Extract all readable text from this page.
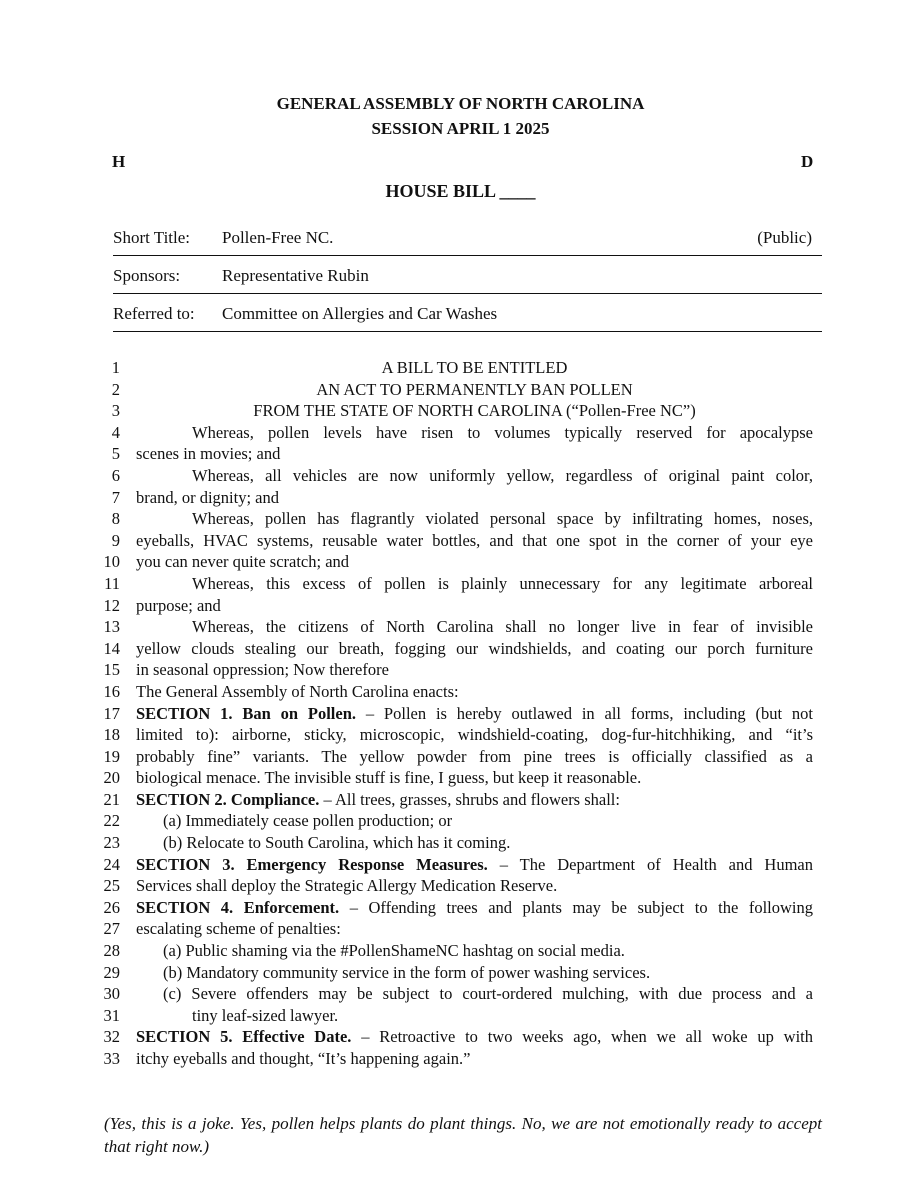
GENERAL ASSEMBLY OF NORTH CAROLINA
SESSION APRIL 1 2025
H	D
HOUSE BILL ____
Short Title: Pollen-Free NC.	(Public)
Sponsors: Representative Rubin
Referred to: Committee on Allergies and Car Washes
1	A BILL TO BE ENTITLED
2	AN ACT TO PERMANENTLY BAN POLLEN
3	FROM THE STATE OF NORTH CAROLINA (“Pollen-Free NC”)
4	Whereas, pollen levels have risen to volumes typically reserved for apocalypse
5 scenes in movies; and
6	Whereas, all vehicles are now uniformly yellow, regardless of original paint color,
7 brand, or dignity; and
8	Whereas, pollen has flagrantly violated personal space by infiltrating homes, noses,
9 eyeballs, HVAC systems, reusable water bottles, and that one spot in the corner of your eye
10 you can never quite scratch; and
11	Whereas, this excess of pollen is plainly unnecessary for any legitimate arboreal
12 purpose; and
13	Whereas, the citizens of North Carolina shall no longer live in fear of invisible
14 yellow clouds stealing our breath, fogging our windshields, and coating our porch furniture
15 in seasonal oppression; Now therefore
16 The General Assembly of North Carolina enacts:
17 SECTION 1. Ban on Pollen. – Pollen is hereby outlawed in all forms, including (but not
18 limited to): airborne, sticky, microscopic, windshield-coating, dog-fur-hitchhiking, and “it’s
19 probably fine” variants. The yellow powder from pine trees is officially classified as a
20 biological menace. The invisible stuff is fine, I guess, but keep it reasonable.
21 SECTION 2. Compliance. – All trees, grasses, shrubs and flowers shall:
22	(a) Immediately cease pollen production; or
23	(b) Relocate to South Carolina, which has it coming.
24 SECTION 3. Emergency Response Measures. – The Department of Health and Human
25 Services shall deploy the Strategic Allergy Medication Reserve.
26 SECTION 4. Enforcement. – Offending trees and plants may be subject to the following
27 escalating scheme of penalties:
28	(a) Public shaming via the #PollenShameNC hashtag on social media.
29	(b) Mandatory community service in the form of power washing services.
30	(c) Severe offenders may be subject to court-ordered mulching, with due process and a
31	tiny leaf-sized lawyer.
32 SECTION 5. Effective Date. – Retroactive to two weeks ago, when we all woke up with
33 itchy eyeballs and thought, “It’s happening again.”
(Yes, this is a joke. Yes, pollen helps plants do plant things. No, we are not emotionally ready to accept that right now.)
